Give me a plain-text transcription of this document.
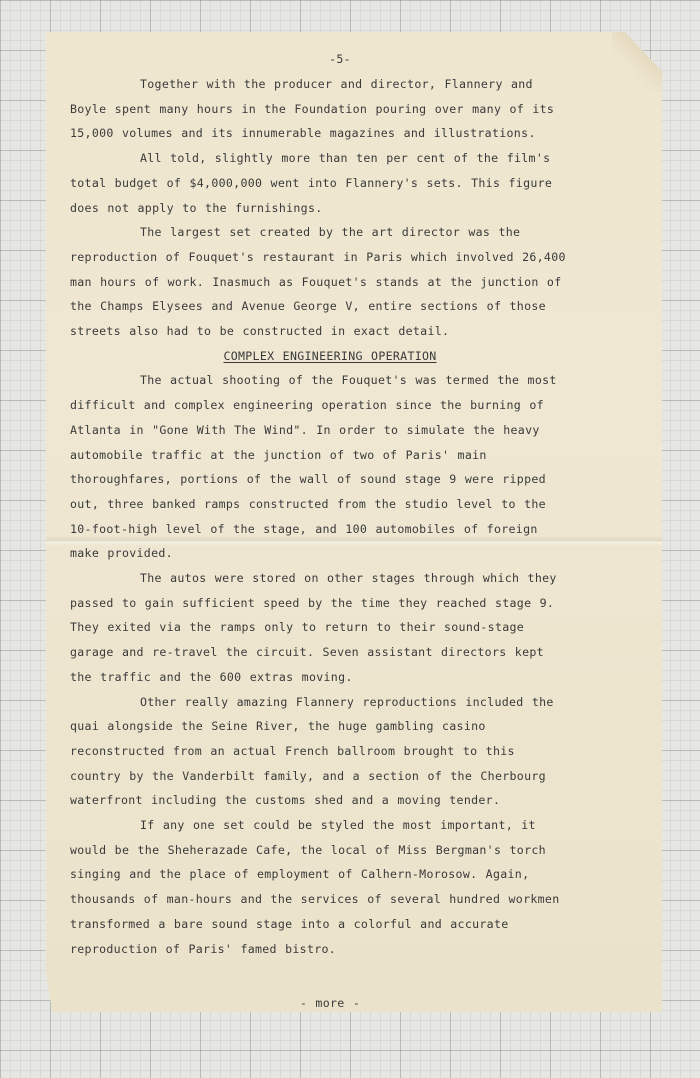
-5-

Together with the producer and director, Flannery and Boyle spent many hours in the Foundation pouring over many of its 15,000 volumes and its innumerable magazines and illustrations.

All told, slightly more than ten per cent of the film's total budget of $4,000,000 went into Flannery's sets. This figure does not apply to the furnishings.

The largest set created by the art director was the reproduction of Fouquet's restaurant in Paris which involved 26,400 man hours of work. Inasmuch as Fouquet's stands at the junction of the Champs Elysees and Avenue George V, entire sections of those streets also had to be constructed in exact detail.

COMPLEX ENGINEERING OPERATION

The actual shooting of the Fouquet's was termed the most difficult and complex engineering operation since the burning of Atlanta in "Gone With The Wind". In order to simulate the heavy automobile traffic at the junction of two of Paris' main thoroughfares, portions of the wall of sound stage 9 were ripped out, three banked ramps constructed from the studio level to the 10-foot-high level of the stage, and 100 automobiles of foreign make provided.

The autos were stored on other stages through which they passed to gain sufficient speed by the time they reached stage 9. They exited via the ramps only to return to their sound-stage garage and re-travel the circuit. Seven assistant directors kept the traffic and the 600 extras moving.

Other really amazing Flannery reproductions included the quai alongside the Seine River, the huge gambling casino reconstructed from an actual French ballroom brought to this country by the Vanderbilt family, and a section of the Cherbourg waterfront including the customs shed and a moving tender.

If any one set could be styled the most important, it would be the Sheherazade Cafe, the local of Miss Bergman's torch singing and the place of employment of Calhern-Morosow. Again, thousands of man-hours and the services of several hundred workmen transformed a bare sound stage into a colorful and accurate reproduction of Paris' famed bistro.

- more -
